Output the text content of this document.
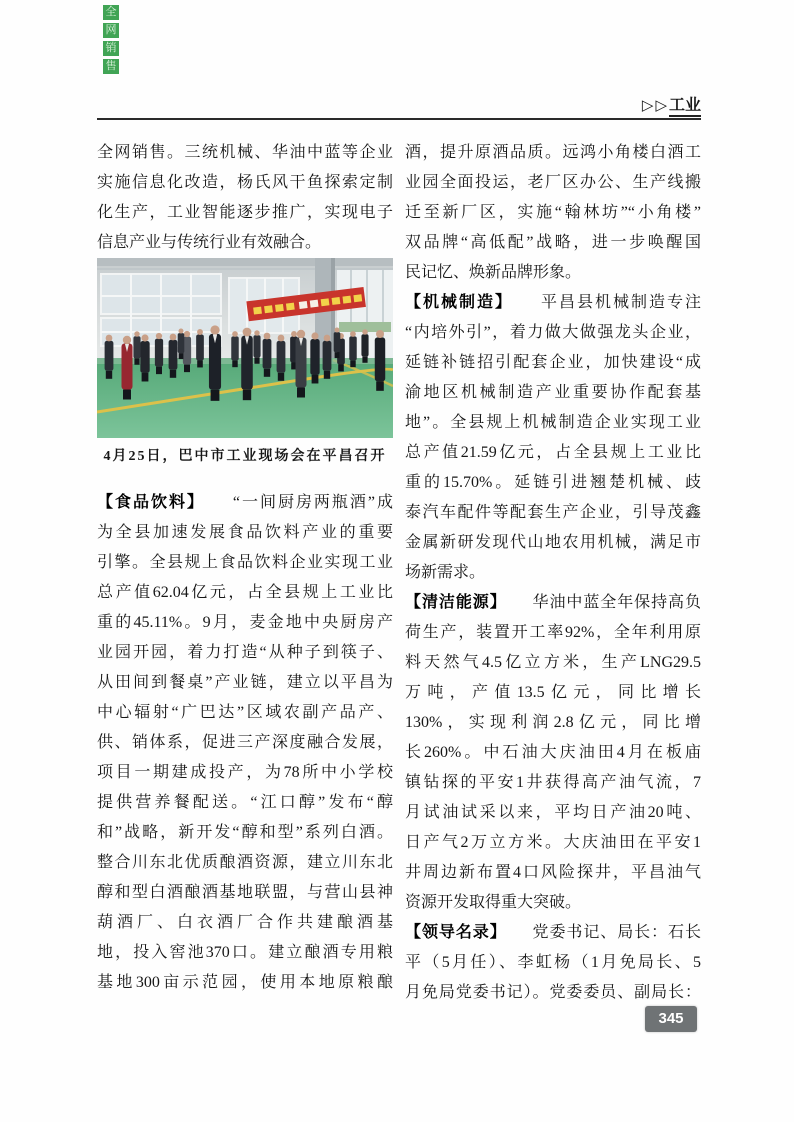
全
网
销
售
▷▷工业
全网销售。三统机械、华油中蓝等企业
实施信息化改造，杨氏风干鱼探索定制
化生产，工业智能逐步推广，实现电子
信息产业与传统行业有效融合。
4月25日，巴中市工业现场会在平昌召开
【食品饮料】　　“一间厨房两瓶酒”成
为全县加速发展食品饮料产业的重要
引擎。全县规上食品饮料企业实现工业
总产值62.04亿元，占全县规上工业比
重的45.11%。9月，麦金地中央厨房产
业园开园，着力打造“从种子到筷子、
从田间到餐桌”产业链，建立以平昌为
中心辐射“广巴达”区域农副产品产、
供、销体系，促进三产深度融合发展，
项目一期建成投产，为78所中小学校
提供营养餐配送。“江口醇”发布“醇
和”战略，新开发“醇和型”系列白酒。
整合川东北优质酿酒资源，建立川东北
醇和型白酒酿酒基地联盟，与营山县神
葫酒厂、白衣酒厂合作共建酿酒基
地，投入窖池370口。建立酿酒专用粮
基地300亩示范园，使用本地原粮酿
酒，提升原酒品质。远鸿小角楼白酒工
业园全面投运，老厂区办公、生产线搬
迁至新厂区，实施“翰林坊”“小角楼”
双品牌“高低配”战略，进一步唤醒国
民记忆、焕新品牌形象。
【机械制造】　　平昌县机械制造专注
“内培外引”，着力做大做强龙头企业，
延链补链招引配套企业，加快建设“成
渝地区机械制造产业重要协作配套基
地”。全县规上机械制造企业实现工业
总产值21.59亿元，占全县规上工业比
重的15.70%。延链引进翘楚机械、歧
泰汽车配件等配套生产企业，引导茂鑫
金属新研发现代山地农用机械，满足市
场新需求。
【清洁能源】　　华油中蓝全年保持高负
荷生产，装置开工率92%，全年利用原
料天然气4.5亿立方米，生产LNG29.5
万吨，产值13.5亿元，同比增长
130%，实现利润2.8亿元，同比增
长260%。中石油大庆油田4月在板庙
镇钻探的平安1井获得高产油气流，7
月试油试采以来，平均日产油20吨、
日产气2万立方米。大庆油田在平安1
井周边新布置4口风险探井，平昌油气
资源开发取得重大突破。
【领导名录】　　党委书记、局长：石长
平（5月任）、李虹杨（1月免局长、5
月免局党委书记）。党委委员、副局长：
345
